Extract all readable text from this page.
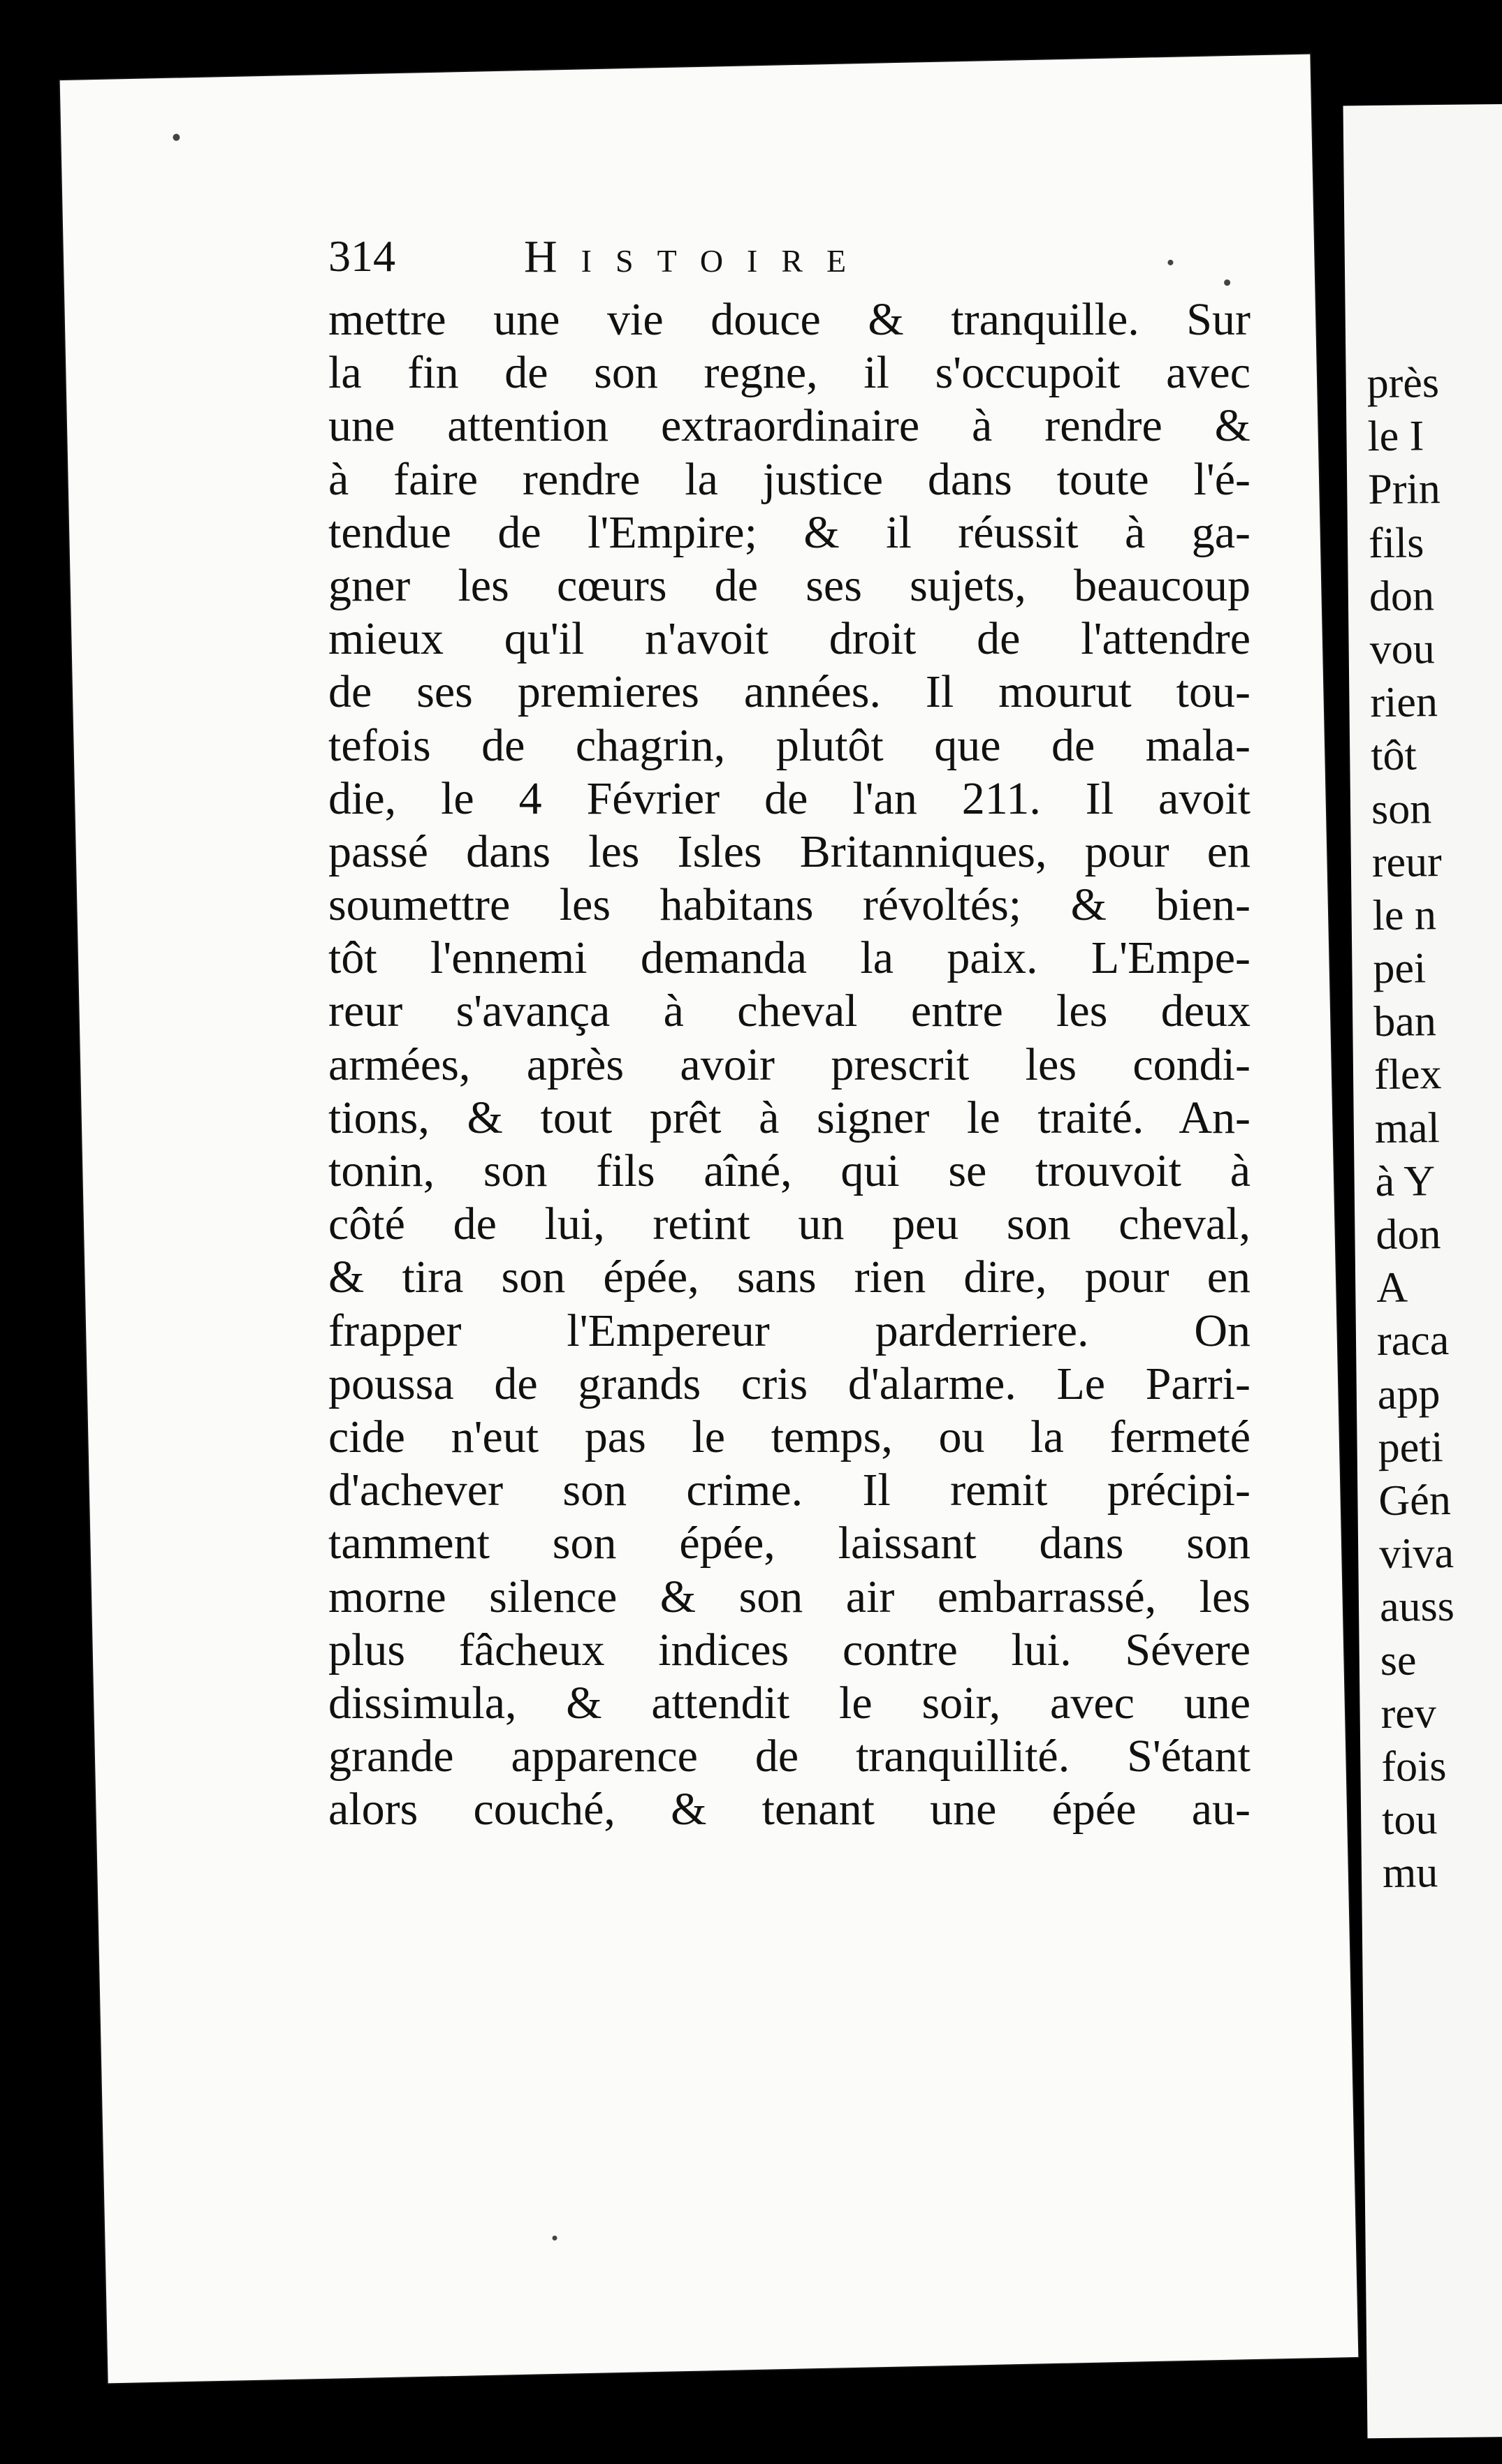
près
le I
Prin
fils
don
vou
rien
tôt
son
reur
le n
pei
ban
flex
mal
à Y
don
A
raca
app
peti
Gén
viva
auss
se
rev
fois
tou
mu
314	Histoire
mettre une vie douce & tranquille. Sur
la fin de son regne, il s'occupoit avec
une attention extraordinaire à rendre &
à faire rendre la justice dans toute l'é-
tendue de l'Empire; & il réussit à ga-
gner les cœurs de ses sujets, beaucoup
mieux qu'il n'avoit droit de l'attendre
de ses premieres années. Il mourut tou-
tefois de chagrin, plutôt que de mala-
die, le 4 Février de l'an 211. Il avoit
passé dans les Isles Britanniques, pour en
soumettre les habitans révoltés; & bien-
tôt l'ennemi demanda la paix. L'Empe-
reur s'avança à cheval entre les deux
armées, après avoir prescrit les condi-
tions, & tout prêt à signer le traité. An-
tonin, son fils aîné, qui se trouvoit à
côté de lui, retint un peu son cheval,
& tira son épée, sans rien dire, pour en
frapper l'Empereur parderriere. On
poussa de grands cris d'alarme. Le Parri-
cide n'eut pas le temps, ou la fermeté
d'achever son crime. Il remit précipi-
tamment son épée, laissant dans son
morne silence & son air embarrassé, les
plus fâcheux indices contre lui. Sévere
dissimula, & attendit le soir, avec une
grande apparence de tranquillité. S'étant
alors couché, & tenant une épée au-
